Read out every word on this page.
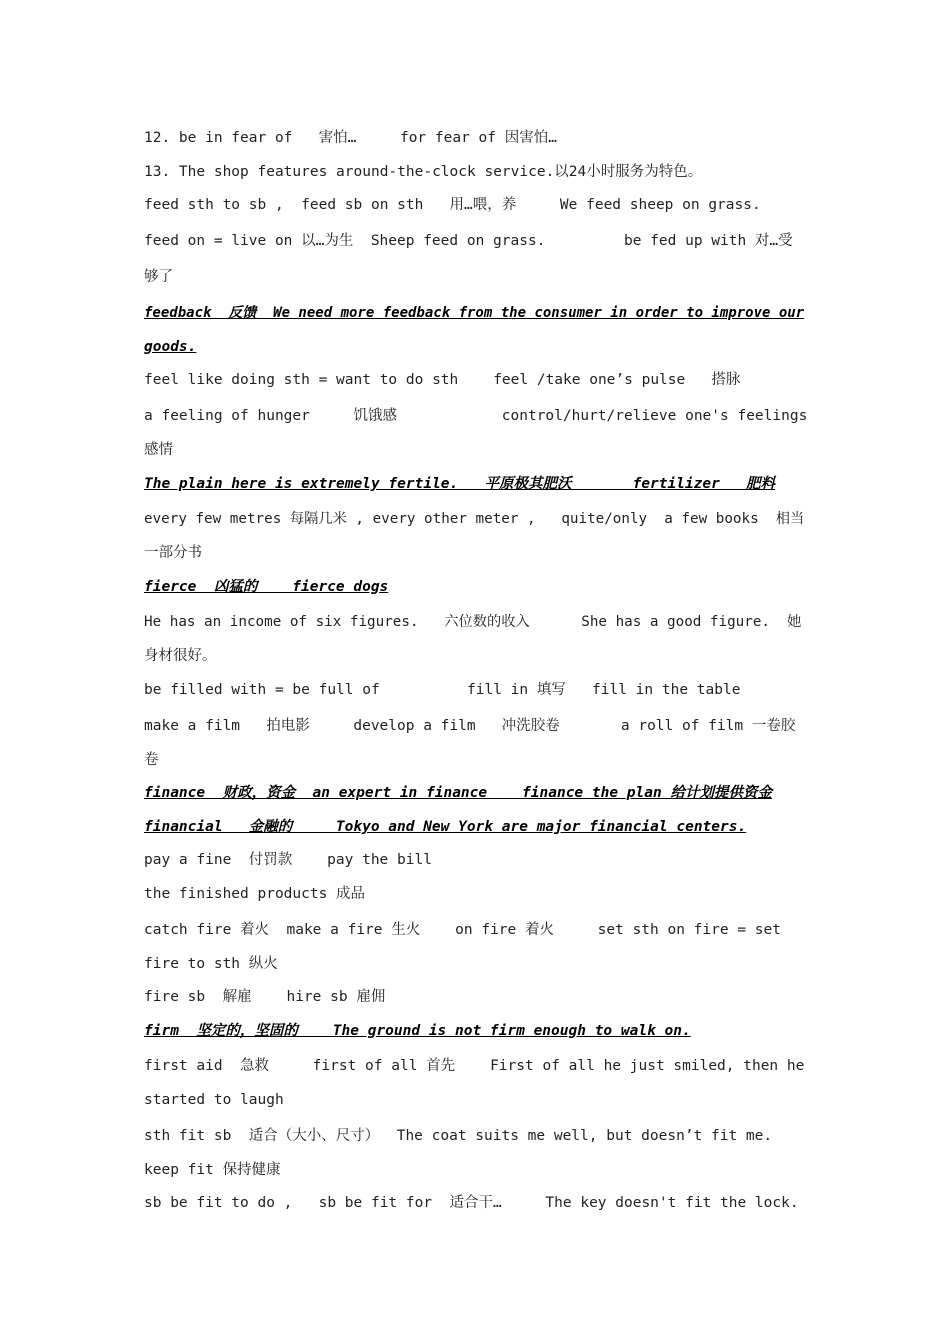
12. be in fear of   害怕…     for fear of 因害怕…
13. The shop features around-the-clock service.以24小时服务为特色。
feed sth to sb ,  feed sb on sth   用…喂，养     We feed sheep on grass.
feed on = live on 以…为生  Sheep feed on grass.         be fed up with 对…受
够了
feedback  反馈  We need more feedback from the consumer in order to improve our
goods.
feel like doing sth = want to do sth    feel /take one’s pulse   搭脉
a feeling of hunger     饥饿感            control/hurt/relieve one's feelings
感情
The plain here is extremely fertile.   平原极其肥沃       fertilizer   肥料
every few metres 每隔几米 , every other meter ,   quite/only  a few books  相当
一部分书
fierce  凶猛的    fierce dogs
He has an income of six figures.   六位数的收入      She has a good figure.  她
身材很好。
be filled with = be full of          fill in 填写   fill in the table
make a film   拍电影     develop a film   冲洗胶卷       a roll of film 一卷胶
卷
finance  财政，资金  an expert in finance    finance the plan 给计划提供资金
financial   金融的     Tokyo and New York are major financial centers.
pay a fine  付罚款    pay the bill
the finished products 成品
catch fire 着火  make a fire 生火    on fire 着火     set sth on fire = set
fire to sth 纵火
fire sb  解雇    hire sb 雇佣
firm  坚定的，坚固的    The ground is not firm enough to walk on.
first aid  急救     first of all 首先    First of all he just smiled, then he
started to laugh
sth fit sb  适合（大小、尺寸）  The coat suits me well, but doesn’t fit me.
keep fit 保持健康
sb be fit to do ,   sb be fit for  适合干…     The key doesn't fit the lock.
